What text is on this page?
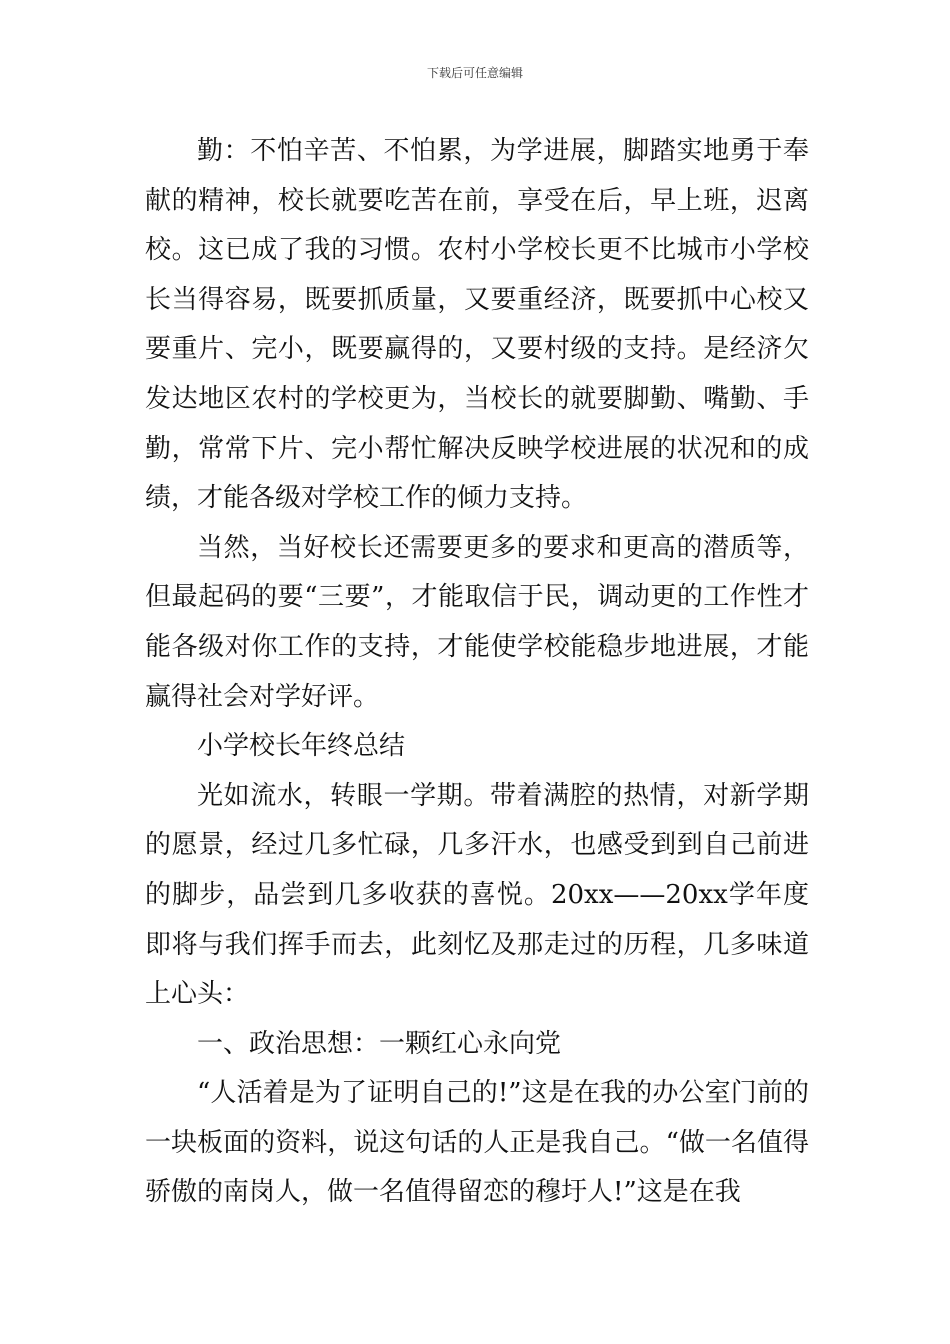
下载后可任意编辑

勤：不怕辛苦、不怕累，为学进展，脚踏实地勇于奉献的精神，校长就要吃苦在前，享受在后，早上班，迟离校。这已成了我的习惯。农村小学校长更不比城市小学校长当得容易，既要抓质量，又要重经济，既要抓中心校又要重片、完小，既要赢得的，又要村级的支持。是经济欠发达地区农村的学校更为，当校长的就要脚勤、嘴勤、手勤，常常下片、完小帮忙解决反映学校进展的状况和的成绩，才能各级对学校工作的倾力支持。

当然，当好校长还需要更多的要求和更高的潜质等，但最起码的要“三要”，才能取信于民，调动更的工作性才能各级对你工作的支持，才能使学校能稳步地进展，才能赢得社会对学好评。

小学校长年终总结

光如流水，转眼一学期。带着满腔的热情，对新学期的愿景，经过几多忙碌，几多汗水，也感受到到自己前进的脚步，品尝到几多收获的喜悦。20xx——20xx学年度即将与我们挥手而去，此刻忆及那走过的历程，几多味道上心头：

一、政治思想：一颗红心永向党

“人活着是为了证明自己的!”这是在我的办公室门前的一块板面的资料，说这句话的人正是我自己。“做一名值得骄傲的南岗人，做一名值得留恋的穆圩人!”这是在我
